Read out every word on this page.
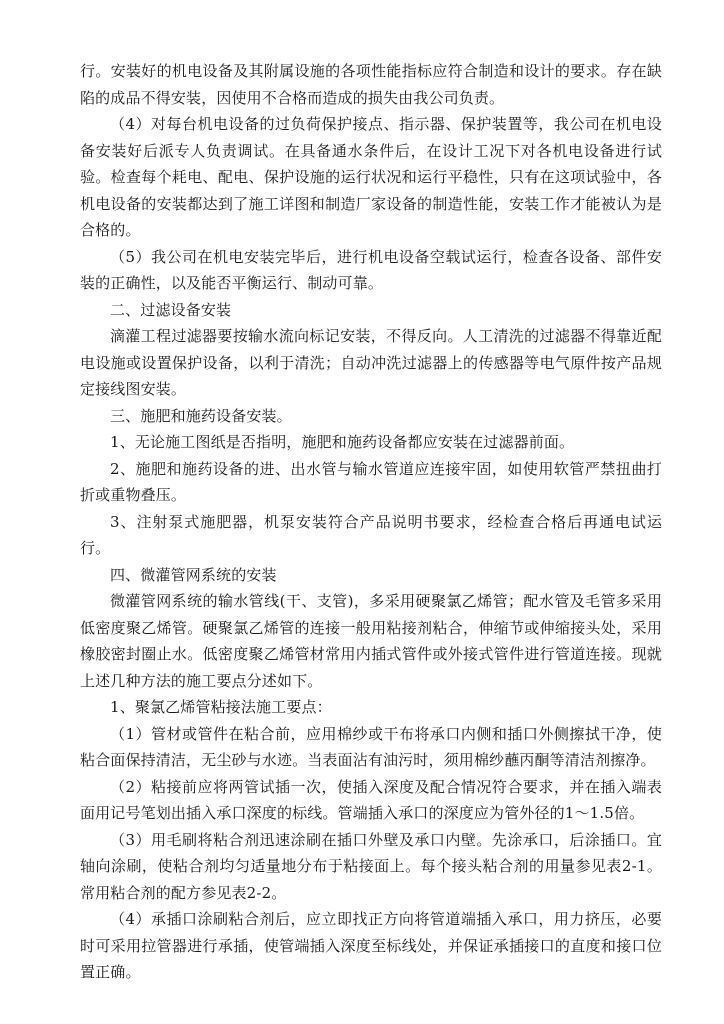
行。安装好的机电设备及其附属设施的各项性能指标应符合制造和设计的要求。存在缺陷的成品不得安装，因使用不合格而造成的损失由我公司负责。

（4）对每台机电设备的过负荷保护接点、指示器、保护装置等，我公司在机电设备安装好后派专人负责调试。在具备通水条件后，在设计工况下对各机电设备进行试验。检查每个耗电、配电、保护设施的运行状况和运行平稳性，只有在这项试验中，各机电设备的安装都达到了施工详图和制造厂家设备的制造性能，安装工作才能被认为是合格的。

（5）我公司在机电安装完毕后，进行机电设备空载试运行，检查各设备、部件安装的正确性，以及能否平衡运行、制动可靠。

二、过滤设备安装

滴灌工程过滤器要按输水流向标记安装，不得反向。人工清洗的过滤器不得靠近配电设施或设置保护设备，以利于清洗；自动冲洗过滤器上的传感器等电气原件按产品规定接线图安装。

三、施肥和施药设备安装。

1、无论施工图纸是否指明，施肥和施药设备都应安装在过滤器前面。

2、施肥和施药设备的进、出水管与输水管道应连接牢固，如使用软管严禁扭曲打折或重物叠压。

3、注射泵式施肥器，机泵安装符合产品说明书要求，经检查合格后再通电试运行。

四、微灌管网系统的安装

微灌管网系统的输水管线(干、支管)，多采用硬聚氯乙烯管；配水管及毛管多采用低密度聚乙烯管。硬聚氯乙烯管的连接一般用粘接剂粘合，伸缩节或伸缩接头处，采用橡胶密封圈止水。低密度聚乙烯管材常用内插式管件或外接式管件进行管道连接。现就上述几种方法的施工要点分述如下。

1、聚氯乙烯管粘接法施工要点：

（1）管材或管件在粘合前，应用棉纱或干布将承口内侧和插口外侧擦拭干净，使粘合面保持清洁，无尘砂与水迹。当表面沾有油污时，须用棉纱蘸丙酮等清洁剂擦净。

（2）粘接前应将两管试插一次，使插入深度及配合情况符合要求，并在插入端表面用记号笔划出插入承口深度的标线。管端插入承口的深度应为管外径的1～1.5倍。

（3）用毛刷将粘合剂迅速涂刷在插口外壁及承口内壁。先涂承口，后涂插口。宜轴向涂刷，使粘合剂均匀适量地分布于粘接面上。每个接头粘合剂的用量参见表2-1。常用粘合剂的配方参见表2-2。

（4）承插口涂刷粘合剂后，应立即找正方向将管道端插入承口，用力挤压，必要时可采用拉管器进行承插，使管端插入深度至标线处，并保证承插接口的直度和接口位置正确。
